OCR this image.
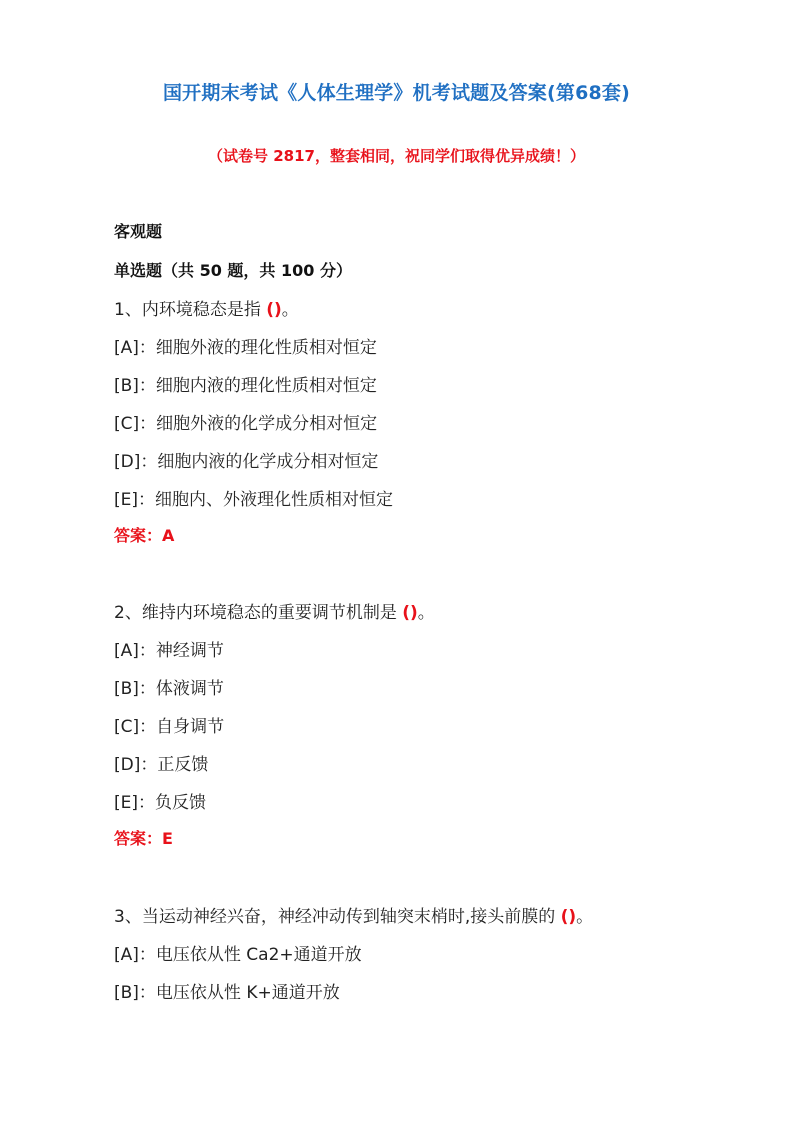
国开期末考试《人体生理学》机考试题及答案(第68套)
（试卷号 2817，整套相同，祝同学们取得优异成绩！）
客观题
单选题（共 50 题，共 100 分）
1、内环境稳态是指 ()。
[A]：细胞外液的理化性质相对恒定
[B]：细胞内液的理化性质相对恒定
[C]：细胞外液的化学成分相对恒定
[D]：细胞内液的化学成分相对恒定
[E]：细胞内、外液理化性质相对恒定
答案：A
2、维持内环境稳态的重要调节机制是 ()。
[A]：神经调节
[B]：体液调节
[C]：自身调节
[D]：正反馈
[E]：负反馈
答案：E
3、当运动神经兴奋，神经冲动传到轴突末梢时,接头前膜的 ()。
[A]：电压依从性 Ca2+通道开放
[B]：电压依从性 K+通道开放
